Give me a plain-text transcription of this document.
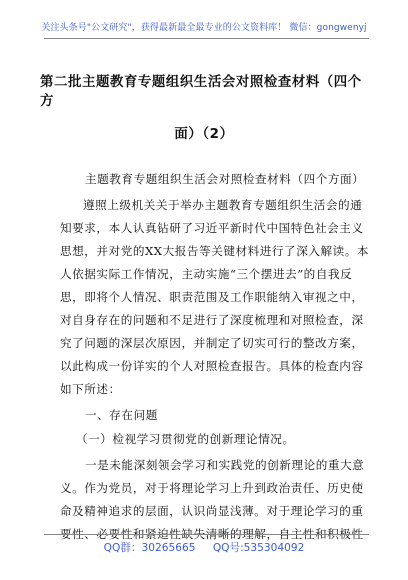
关注头条号"公文研究"，获得最新最全最专业的公文资料库！ 微信：gongwenyj
第二批主题教育专题组织生活会对照检查材料（四个方
面）（2）
主题教育专题组织生活会对照检查材料（四个方面）
遵照上级机关关于举办主题教育专题组织生活会的通
知要求，本人认真钻研了习近平新时代中国特色社会主义
思想，并对党的XX大报告等关键材料进行了深入解读。本
人依据实际工作情况，主动实施“三个摆进去”的自我反
思，即将个人情况、职责范围及工作职能纳入审视之中，
对自身存在的问题和不足进行了深度梳理和对照检查，深
究了问题的深层次原因，并制定了切实可行的整改方案，
以此构成一份详实的个人对照检查报告。具体的检查内容
如下所述：
一、存在问题
（一）检视学习贯彻党的创新理论情况。
一是未能深刻领会学习和实践党的创新理论的重大意
义。作为党员，对于将理论学习上升到政治责任、历史使
命及精神追求的层面，认识尚显浅薄。对于理论学习的重
要性、必要性和紧迫性缺失清晰的理解，自主性和积极性
QQ群：30265665 QQ号:535304092
